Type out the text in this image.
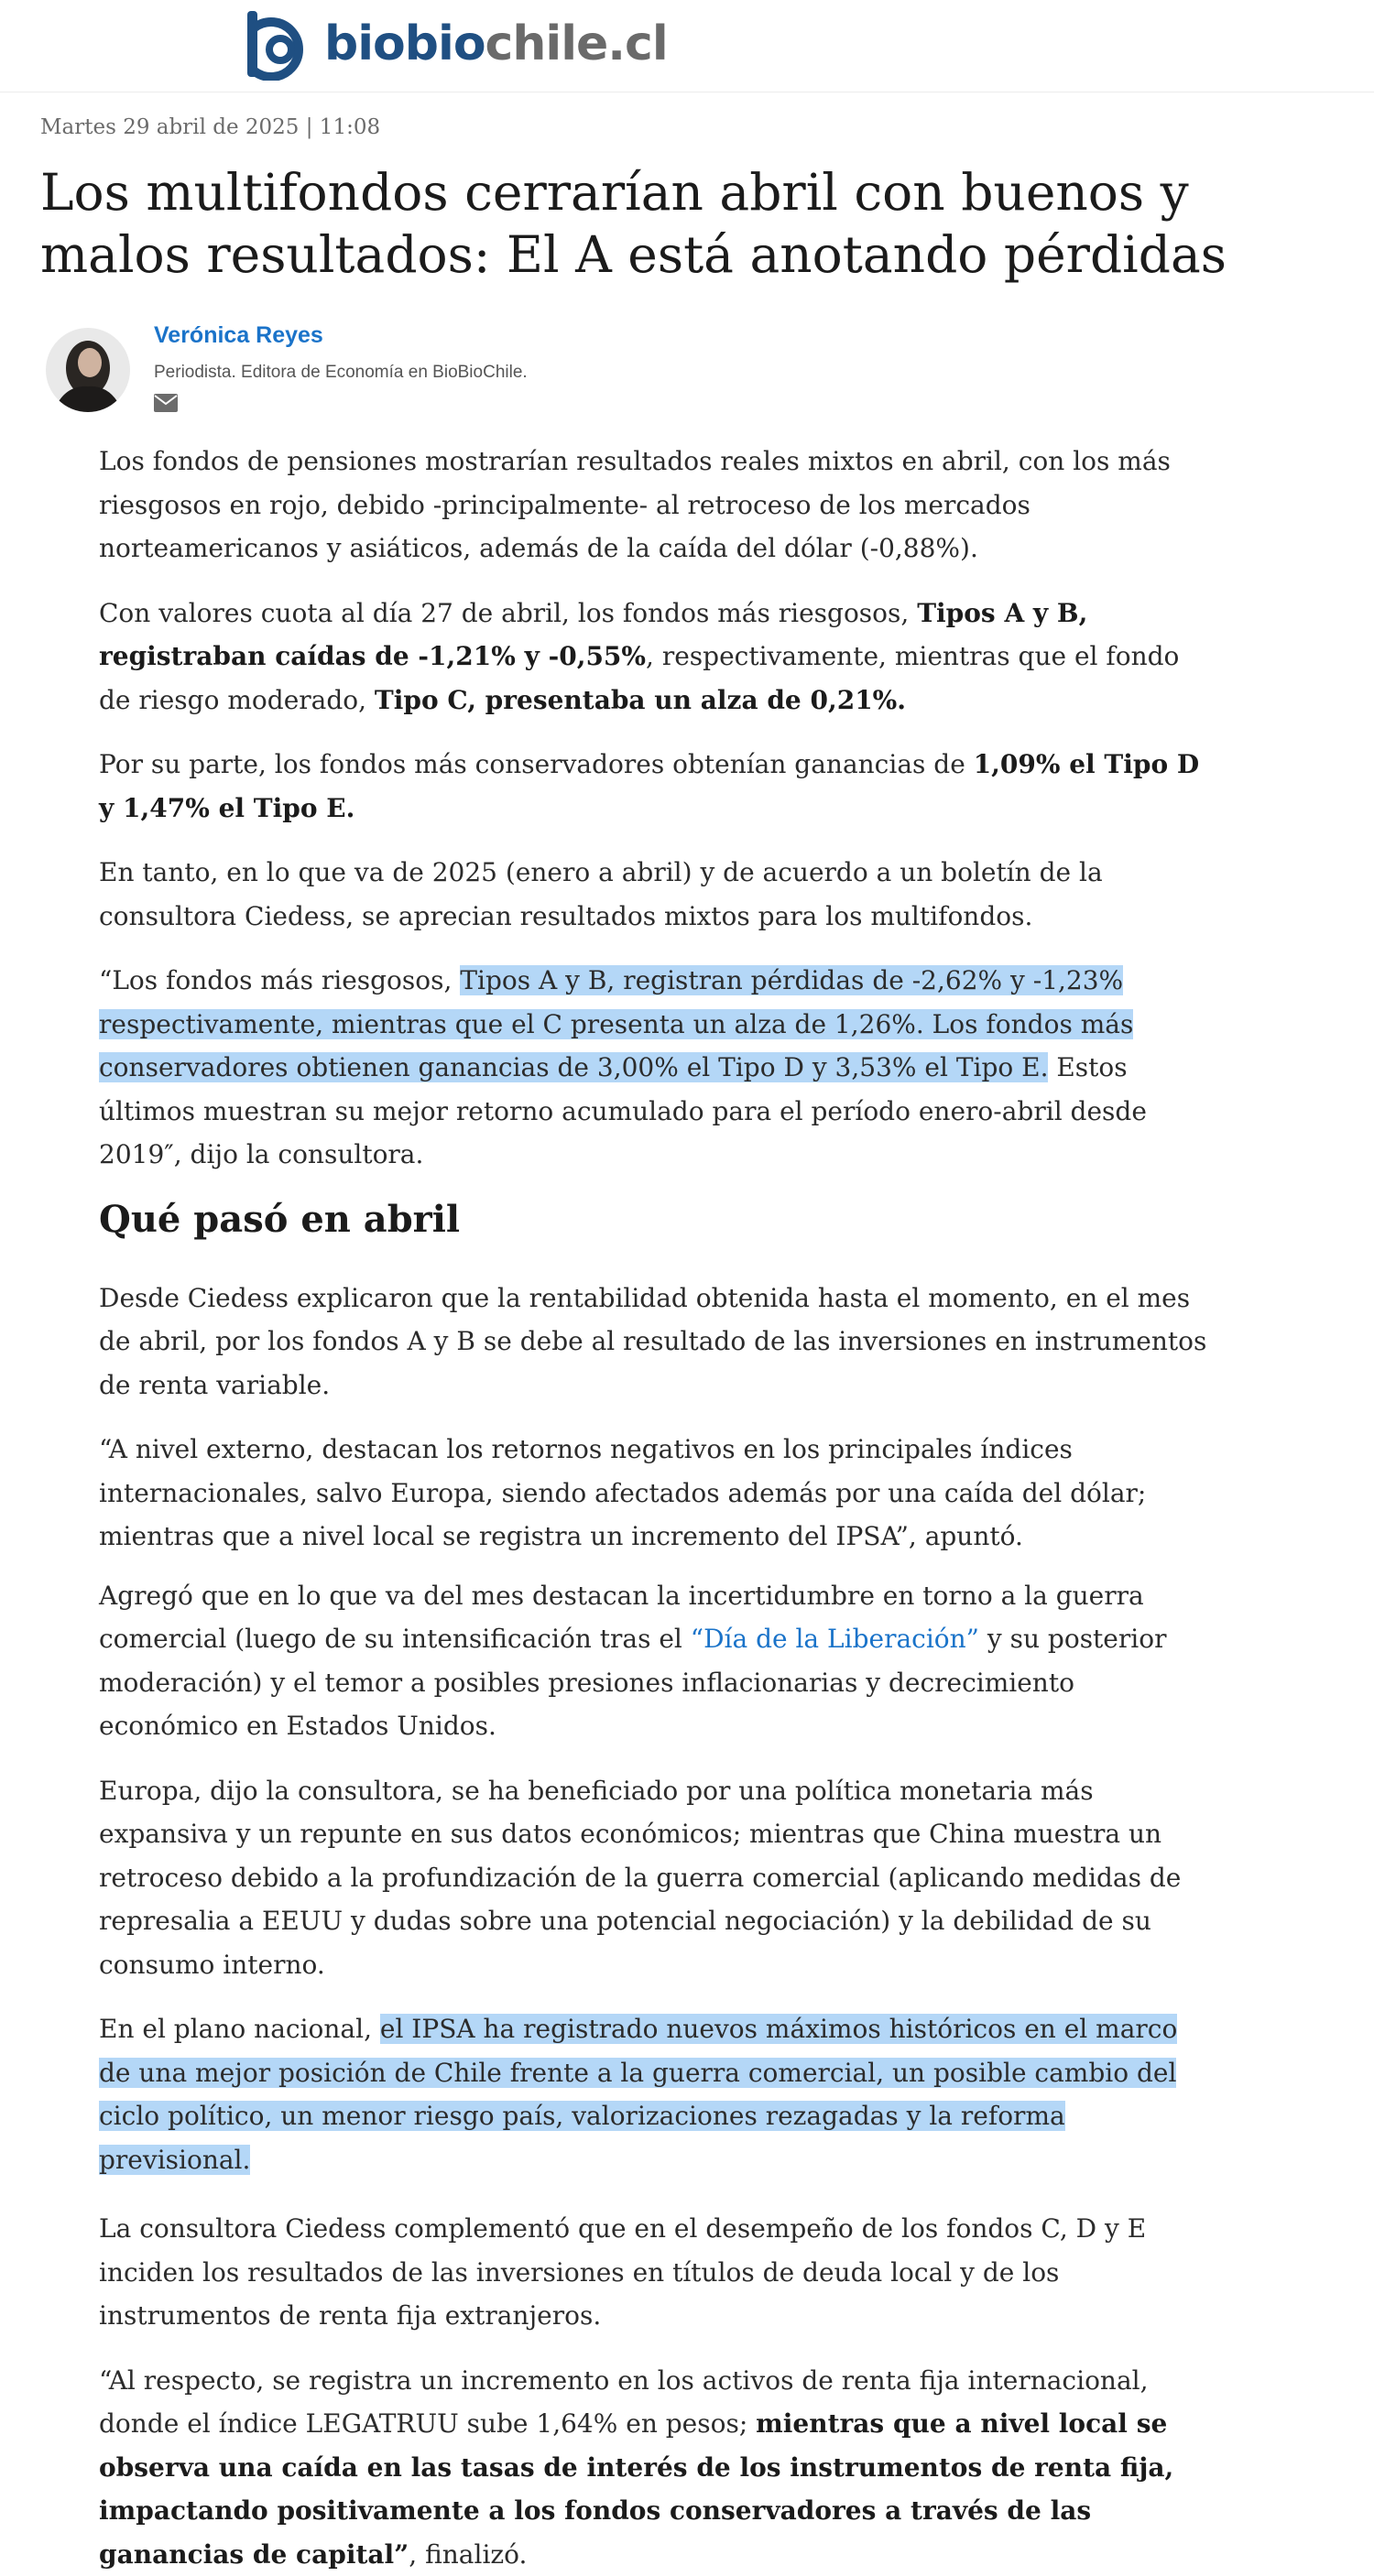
biobiochile.cl
Martes 29 abril de 2025 | 11:08
Los multifondos cerrarían abril con buenos y malos resultados: El A está anotando pérdidas
Verónica Reyes
Periodista. Editora de Economía en BioBioChile.

Los fondos de pensiones mostrarían resultados reales mixtos en abril, con los más riesgosos en rojo, debido -principalmente- al retroceso de los mercados norteamericanos y asiáticos, además de la caída del dólar (-0,88%).

Con valores cuota al día 27 de abril, los fondos más riesgosos, Tipos A y B, registraban caídas de -1,21% y -0,55%, respectivamente, mientras que el fondo de riesgo moderado, Tipo C, presentaba un alza de 0,21%.

Por su parte, los fondos más conservadores obtenían ganancias de 1,09% el Tipo D y 1,47% el Tipo E.

En tanto, en lo que va de 2025 (enero a abril) y de acuerdo a un boletín de la consultora Ciedess, se aprecian resultados mixtos para los multifondos.

“Los fondos más riesgosos, Tipos A y B, registran pérdidas de -2,62% y -1,23% respectivamente, mientras que el C presenta un alza de 1,26%. Los fondos más conservadores obtienen ganancias de 3,00% el Tipo D y 3,53% el Tipo E. Estos últimos muestran su mejor retorno acumulado para el período enero-abril desde 2019″, dijo la consultora.

Qué pasó en abril

Desde Ciedess explicaron que la rentabilidad obtenida hasta el momento, en el mes de abril, por los fondos A y B se debe al resultado de las inversiones en instrumentos de renta variable.

“A nivel externo, destacan los retornos negativos en los principales índices internacionales, salvo Europa, siendo afectados además por una caída del dólar; mientras que a nivel local se registra un incremento del IPSA”, apuntó.

Agregó que en lo que va del mes destacan la incertidumbre en torno a la guerra comercial (luego de su intensificación tras el “Día de la Liberación” y su posterior moderación) y el temor a posibles presiones inflacionarias y decrecimiento económico en Estados Unidos.

Europa, dijo la consultora, se ha beneficiado por una política monetaria más expansiva y un repunte en sus datos económicos; mientras que China muestra un retroceso debido a la profundización de la guerra comercial (aplicando medidas de represalia a EEUU y dudas sobre una potencial negociación) y la debilidad de su consumo interno.

En el plano nacional, el IPSA ha registrado nuevos máximos históricos en el marco de una mejor posición de Chile frente a la guerra comercial, un posible cambio del ciclo político, un menor riesgo país, valorizaciones rezagadas y la reforma previsional.

La consultora Ciedess complementó que en el desempeño de los fondos C, D y E inciden los resultados de las inversiones en títulos de deuda local y de los instrumentos de renta fija extranjeros.

“Al respecto, se registra un incremento en los activos de renta fija internacional, donde el índice LEGATRUU sube 1,64% en pesos; mientras que a nivel local se observa una caída en las tasas de interés de los instrumentos de renta fija, impactando positivamente a los fondos conservadores a través de las ganancias de capital”, finalizó.
